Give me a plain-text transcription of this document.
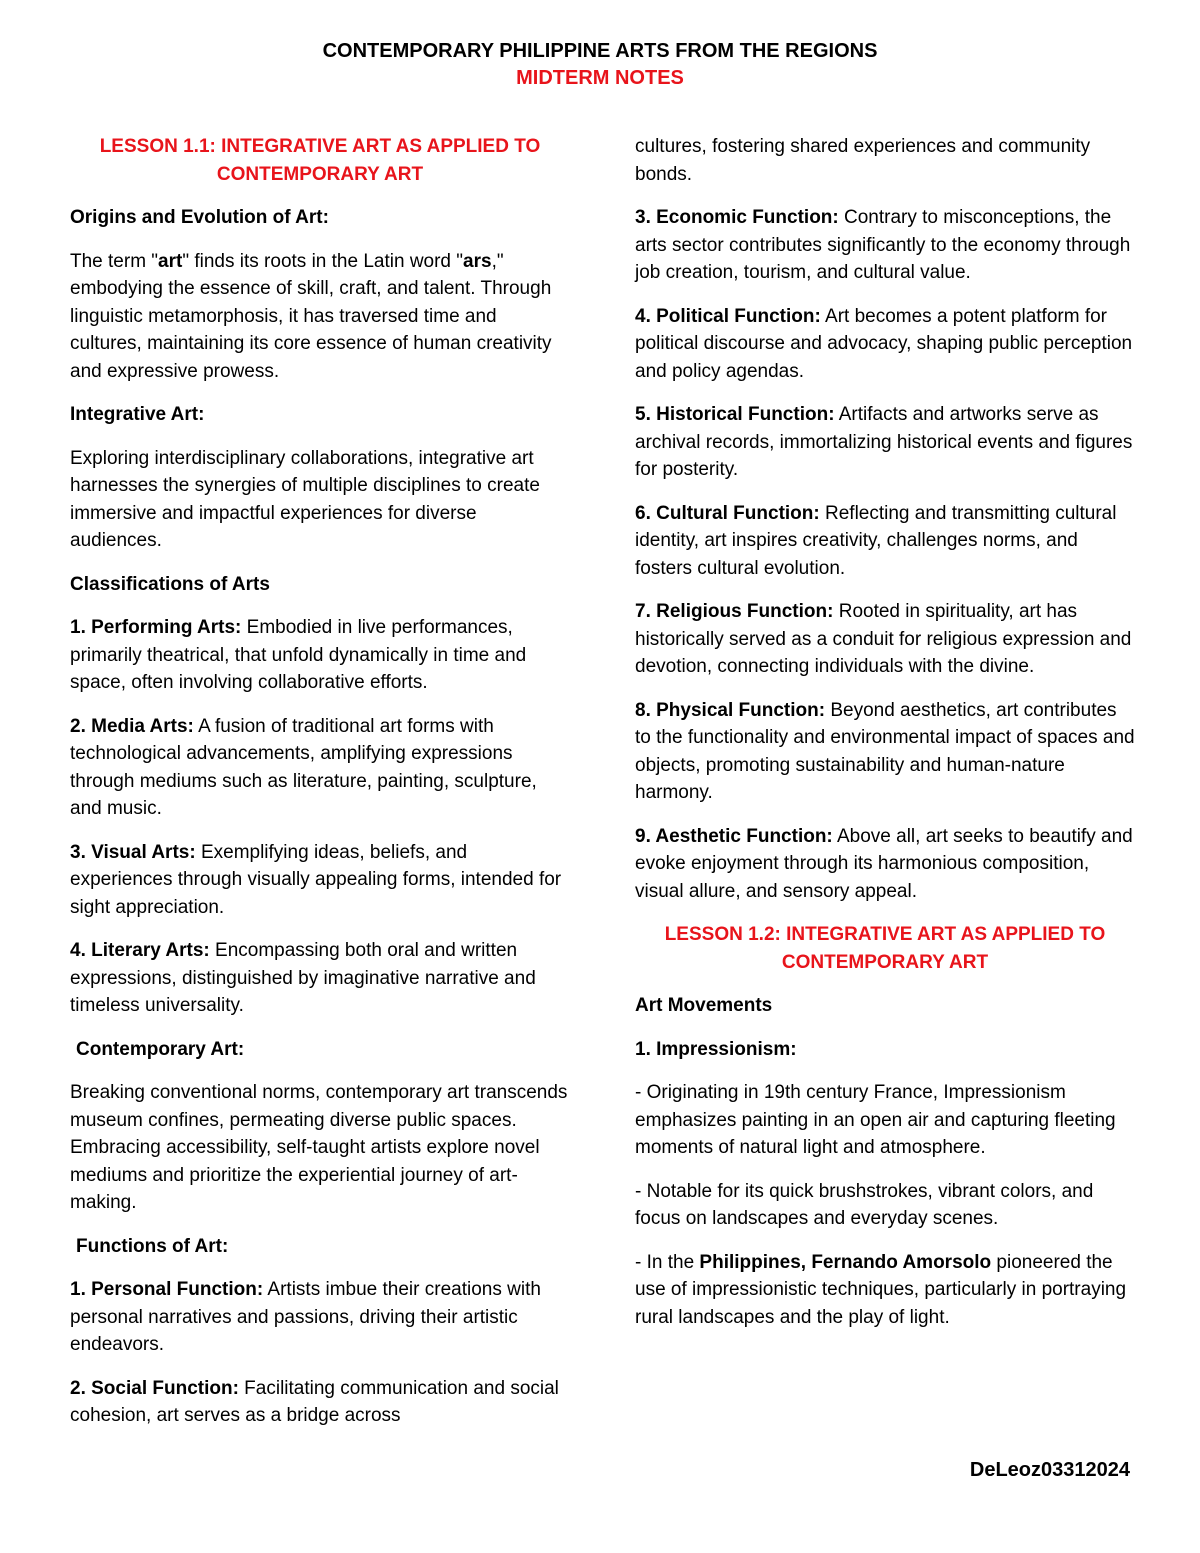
CONTEMPORARY PHILIPPINE ARTS FROM THE REGIONS
MIDTERM NOTES
LESSON 1.1: INTEGRATIVE ART AS APPLIED TO CONTEMPORARY ART
Origins and Evolution of Art:

The term "art" finds its roots in the Latin word "ars," embodying the essence of skill, craft, and talent. Through linguistic metamorphosis, it has traversed time and cultures, maintaining its core essence of human creativity and expressive prowess.

Integrative Art:

Exploring interdisciplinary collaborations, integrative art harnesses the synergies of multiple disciplines to create immersive and impactful experiences for diverse audiences.

Classifications of Arts

1. Performing Arts: Embodied in live performances, primarily theatrical, that unfold dynamically in time and space, often involving collaborative efforts.

2. Media Arts: A fusion of traditional art forms with technological advancements, amplifying expressions through mediums such as literature, painting, sculpture, and music.

3. Visual Arts: Exemplifying ideas, beliefs, and experiences through visually appealing forms, intended for sight appreciation.

4. Literary Arts: Encompassing both oral and written expressions, distinguished by imaginative narrative and timeless universality.

Contemporary Art:

Breaking conventional norms, contemporary art transcends museum confines, permeating diverse public spaces. Embracing accessibility, self-taught artists explore novel mediums and prioritize the experiential journey of art-making.

Functions of Art:

1. Personal Function: Artists imbue their creations with personal narratives and passions, driving their artistic endeavors.

2. Social Function: Facilitating communication and social cohesion, art serves as a bridge across

cultures, fostering shared experiences and community bonds.

3. Economic Function: Contrary to misconceptions, the arts sector contributes significantly to the economy through job creation, tourism, and cultural value.

4. Political Function: Art becomes a potent platform for political discourse and advocacy, shaping public perception and policy agendas.

5. Historical Function: Artifacts and artworks serve as archival records, immortalizing historical events and figures for posterity.

6. Cultural Function: Reflecting and transmitting cultural identity, art inspires creativity, challenges norms, and fosters cultural evolution.

7. Religious Function: Rooted in spirituality, art has historically served as a conduit for religious expression and devotion, connecting individuals with the divine.

8. Physical Function: Beyond aesthetics, art contributes to the functionality and environmental impact of spaces and objects, promoting sustainability and human-nature harmony.

9. Aesthetic Function: Above all, art seeks to beautify and evoke enjoyment through its harmonious composition, visual allure, and sensory appeal.

LESSON 1.2: INTEGRATIVE ART AS APPLIED TO CONTEMPORARY ART
Art Movements
1. Impressionism:

- Originating in 19th century France, Impressionism emphasizes painting in an open air and capturing fleeting moments of natural light and atmosphere.

- Notable for its quick brushstrokes, vibrant colors, and focus on landscapes and everyday scenes.

- In the Philippines, Fernando Amorsolo pioneered the use of impressionistic techniques, particularly in portraying rural landscapes and the play of light.

DeLeoz03312024
